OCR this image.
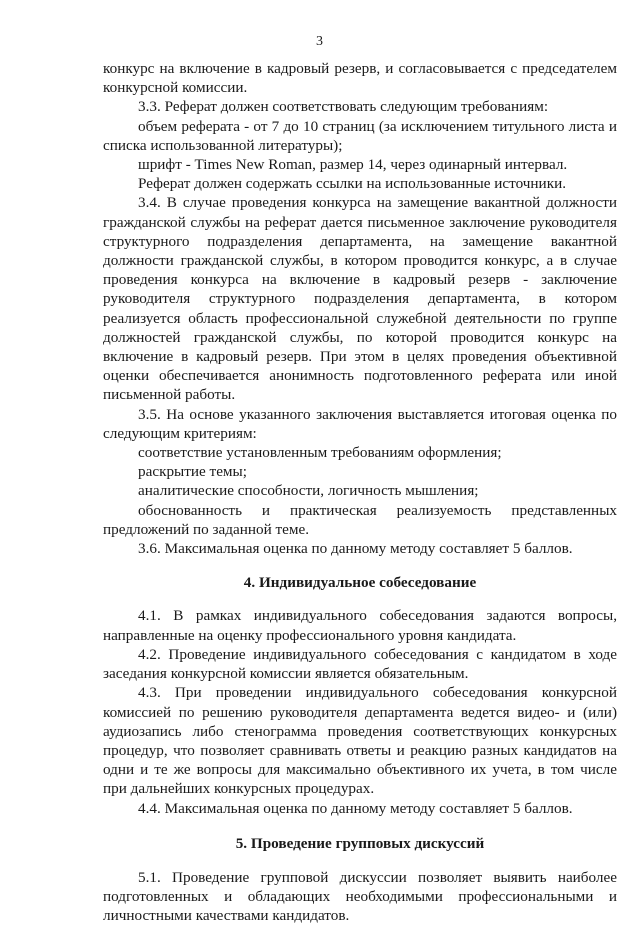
3

конкурс на включение в кадровый резерв, и согласовывается с председателем конкурсной комиссии.

3.3. Реферат должен соответствовать следующим требованиям:

объем реферата - от 7 до 10 страниц (за исключением титульного листа и списка использованной литературы);

шрифт - Times New Roman, размер 14, через одинарный интервал.

Реферат должен содержать ссылки на использованные источники.

3.4. В случае проведения конкурса на замещение вакантной должности гражданской службы на реферат дается письменное заключение руководителя структурного подразделения департамента, на замещение вакантной должности гражданской службы, в котором проводится конкурс, а в случае проведения конкурса на включение в кадровый резерв - заключение руководителя структурного подразделения департамента, в котором реализуется область профессиональной служебной деятельности по группе должностей гражданской службы, по которой проводится конкурс на включение в кадровый резерв. При этом в целях проведения объективной оценки обеспечивается анонимность подготовленного реферата или иной письменной работы.

3.5. На основе указанного заключения выставляется итоговая оценка по следующим критериям:

соответствие установленным требованиям оформления;

раскрытие темы;

аналитические способности, логичность мышления;

обоснованность и практическая реализуемость представленных предложений по заданной теме.

3.6. Максимальная оценка по данному методу составляет 5 баллов.

4. Индивидуальное собеседование

4.1. В рамках индивидуального собеседования задаются вопросы, направленные на оценку профессионального уровня кандидата.

4.2. Проведение индивидуального собеседования с кандидатом в ходе заседания конкурсной комиссии является обязательным.

4.3. При проведении индивидуального собеседования конкурсной комиссией по решению руководителя департамента ведется видео- и (или) аудиозапись либо стенограмма проведения соответствующих конкурсных процедур, что позволяет сравнивать ответы и реакцию разных кандидатов на одни и те же вопросы для максимально объективного их учета, в том числе при дальнейших конкурсных процедурах.

4.4. Максимальная оценка по данному методу составляет 5 баллов.

5. Проведение групповых дискуссий

5.1. Проведение групповой дискуссии позволяет выявить наиболее подготовленных и обладающих необходимыми профессиональными и личностными качествами кандидатов.
